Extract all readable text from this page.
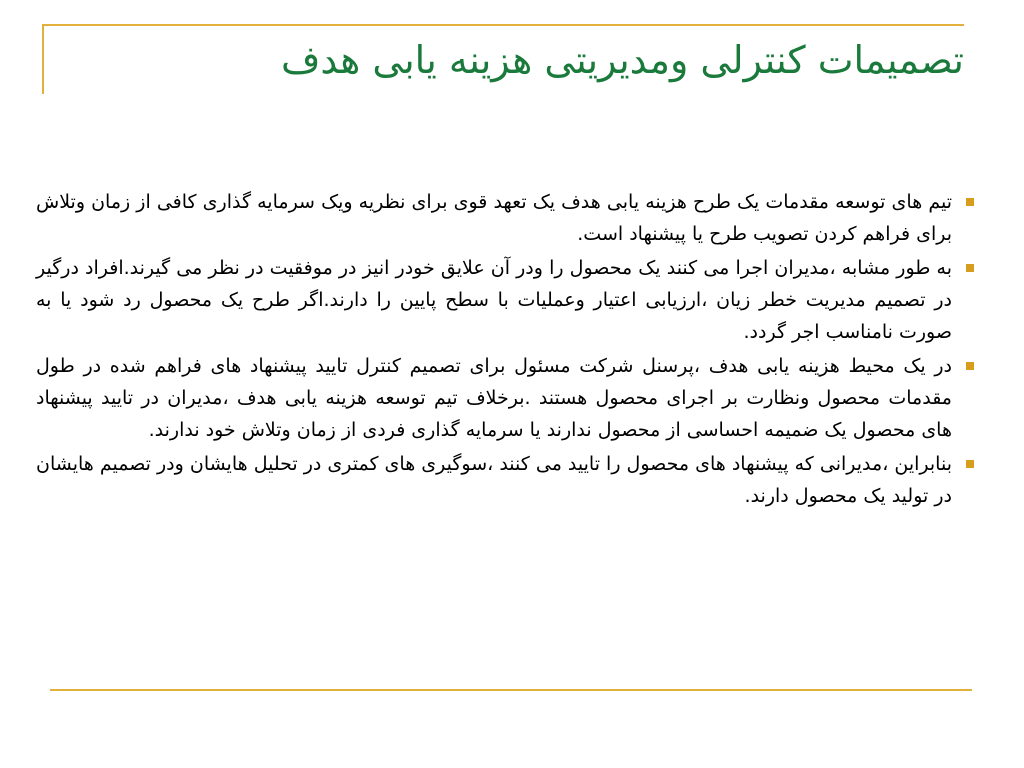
تصمیمات کنترلی ومدیریتی هزینه یابی هدف
تیم های توسعه مقدمات یک طرح هزینه یابی هدف یک تعهد قوی برای نظریه ویک سرمایه گذاری کافی از زمان وتلاش برای فراهم کردن تصویب طرح یا پیشنهاد است.
به طور مشابه ،مدیران اجرا می کنند یک محصول را ودر آن علایق خودر انیز در موفقیت در نظر می گیرند.افراد درگیر در تصمیم مدیریت خطر زیان ،ارزیابی اعتیار وعملیات با سطح پایین را دارند.اگر طرح یک محصول رد شود یا به صورت نامناسب اجر گردد.
در یک محیط هزینه یابی هدف ،پرسنل شرکت مسئول برای تصمیم کنترل تایید پیشنهاد های فراهم شده در طول مقدمات محصول ونظارت بر اجرای محصول هستند .برخلاف تیم توسعه هزینه یابی هدف ،مدیران در تایید پیشنهاد های محصول یک ضمیمه احساسی از محصول ندارند یا سرمایه گذاری فردی از زمان وتلاش خود ندارند.
بنابراین ،مدیرانی که پیشنهاد های محصول را تایید می کنند ،سوگیری های کمتری در تحلیل هایشان ودر تصمیم هایشان در تولید یک محصول دارند.
